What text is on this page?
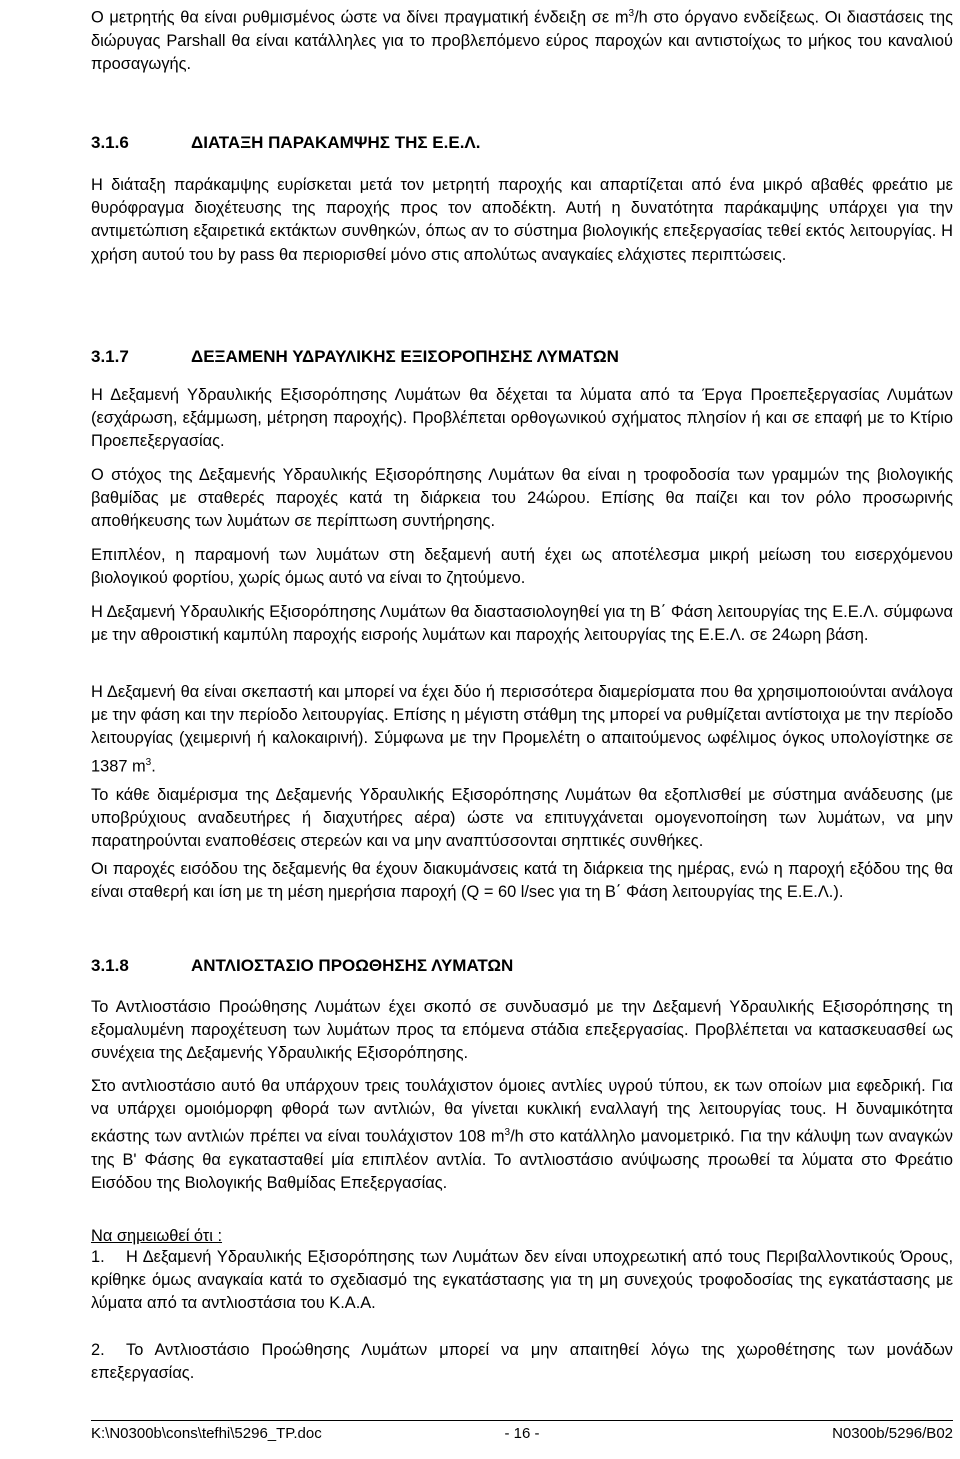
Ο μετρητής θα είναι ρυθμισμένος ώστε να δίνει πραγματική ένδειξη σε $m^3/h$ στο όργανο ενδείξεως. Οι διαστάσεις της διώρυγας Parshall θα είναι κατάλληλες για το προβλεπόμενο εύρος παροχών και αντιστοίχως το μήκος του καναλιού προσαγωγής.

3.1.6	ΔΙΑΤΑΞΗ ΠΑΡΑΚΑΜΨΗΣ ΤΗΣ Ε.Ε.Λ.

Η διάταξη παράκαμψης ευρίσκεται μετά τον μετρητή παροχής και απαρτίζεται από ένα μικρό αβαθές φρεάτιο με θυρόφραγμα διοχέτευσης της παροχής προς τον αποδέκτη. Αυτή η δυνατότητα παράκαμψης υπάρχει για την αντιμετώπιση εξαιρετικά εκτάκτων συνθηκών, όπως αν το σύστημα βιολογικής επεξεργασίας τεθεί εκτός λειτουργίας. Η χρήση αυτού του by pass θα περιορισθεί μόνο στις απολύτως αναγκαίες ελάχιστες περιπτώσεις.

3.1.7	ΔΕΞΑΜΕΝΗ ΥΔΡΑΥΛΙΚΗΣ ΕΞΙΣΟΡΟΠΗΣΗΣ ΛΥΜΑΤΩΝ

Η Δεξαμενή Υδραυλικής Εξισορόπησης Λυμάτων θα δέχεται τα λύματα από τα Έργα Προεπεξεργασίας Λυμάτων (εσχάρωση, εξάμμωση, μέτρηση παροχής). Προβλέπεται ορθογωνικού σχήματος πλησίον ή και σε επαφή με το Κτίριο Προεπεξεργασίας.

Ο στόχος της Δεξαμενής Υδραυλικής Εξισορόπησης Λυμάτων θα είναι η τροφοδοσία των γραμμών της βιολογικής βαθμίδας με σταθερές παροχές κατά τη διάρκεια του 24ώρου. Επίσης θα παίζει και τον ρόλο προσωρινής αποθήκευσης των λυμάτων σε περίπτωση συντήρησης.

Επιπλέον, η παραμονή των λυμάτων στη δεξαμενή αυτή έχει ως αποτέλεσμα μικρή μείωση του εισερχόμενου βιολογικού φορτίου, χωρίς όμως αυτό να είναι το ζητούμενο.

Η Δεξαμενή Υδραυλικής Εξισορόπησης Λυμάτων θα διαστασιολογηθεί για τη Β΄ Φάση λειτουργίας της Ε.Ε.Λ. σύμφωνα με την αθροιστική καμπύλη παροχής εισροής λυμάτων και παροχής λειτουργίας της Ε.Ε.Λ. σε 24ωρη βάση.

Η Δεξαμενή θα είναι σκεπαστή και μπορεί να έχει δύο ή περισσότερα διαμερίσματα που θα χρησιμοποιούνται ανάλογα με την φάση και την περίοδο λειτουργίας. Επίσης η μέγιστη στάθμη της μπορεί να ρυθμίζεται αντίστοιχα με την περίοδο λειτουργίας (χειμερινή ή καλοκαιρινή). Σύμφωνα με την Προμελέτη ο απαιτούμενος ωφέλιμος όγκος υπολογίστηκε σε 1387 $m^3$.

Το κάθε διαμέρισμα της Δεξαμενής Υδραυλικής Εξισορόπησης Λυμάτων θα εξοπλισθεί με σύστημα ανάδευσης (με υποβρύχιους αναδευτήρες ή διαχυτήρες αέρα) ώστε να επιτυγχάνεται ομογενοποίηση των λυμάτων, να μην παρατηρούνται εναποθέσεις στερεών και να μην αναπτύσσονται σηπτικές συνθήκες.

Οι παροχές εισόδου της δεξαμενής θα έχουν διακυμάνσεις κατά τη διάρκεια της ημέρας, ενώ η παροχή εξόδου της θα είναι σταθερή και ίση με τη μέση ημερήσια παροχή (Q = 60 l/sec για τη Β΄ Φάση λειτουργίας της Ε.Ε.Λ.).

3.1.8	ΑΝΤΛΙΟΣΤΑΣΙΟ ΠΡΟΩΘΗΣΗΣ ΛΥΜΑΤΩΝ

Το Αντλιοστάσιο Προώθησης Λυμάτων έχει σκοπό σε συνδυασμό με την Δεξαμενή Υδραυλικής Εξισορόπησης τη εξομαλυμένη παροχέτευση των λυμάτων προς τα επόμενα στάδια επεξεργασίας. Προβλέπεται να κατασκευασθεί ως συνέχεια της Δεξαμενής Υδραυλικής Εξισορόπησης.

Στο αντλιοστάσιο αυτό θα υπάρχουν τρεις τουλάχιστον όμοιες αντλίες υγρού τύπου, εκ των οποίων μια εφεδρική. Για να υπάρχει ομοιόμορφη φθορά των αντλιών, θα γίνεται κυκλική εναλλαγή της λειτουργίας τους. Η δυναμικότητα εκάστης των αντλιών πρέπει να είναι τουλάχιστον 108 $m^3/h$ στο κατάλληλο μανομετρικό. Για την κάλυψη των αναγκών της Β' Φάσης θα εγκατασταθεί μία επιπλέον αντλία. Το αντλιοστάσιο ανύψωσης προωθεί τα λύματα στο Φρεάτιο Εισόδου της Βιολογικής Βαθμίδας Επεξεργασίας.

Να σημειωθεί ότι :

1. Η Δεξαμενή Υδραυλικής Εξισορόπησης των Λυμάτων δεν είναι υποχρεωτική από τους Περιβαλλοντικούς Όρους, κρίθηκε όμως αναγκαία κατά το σχεδιασμό της εγκατάστασης για τη μη συνεχούς τροφοδοσίας της εγκατάστασης με λύματα από τα αντλιοστάσια του Κ.Α.Α.

2. Το Αντλιοστάσιο Προώθησης Λυμάτων μπορεί να μην απαιτηθεί λόγω της χωροθέτησης των μονάδων επεξεργασίας.

K:\N0300b\cons\tefhi\5296_TP.doc	- 16 -	N0300b/5296/B02
